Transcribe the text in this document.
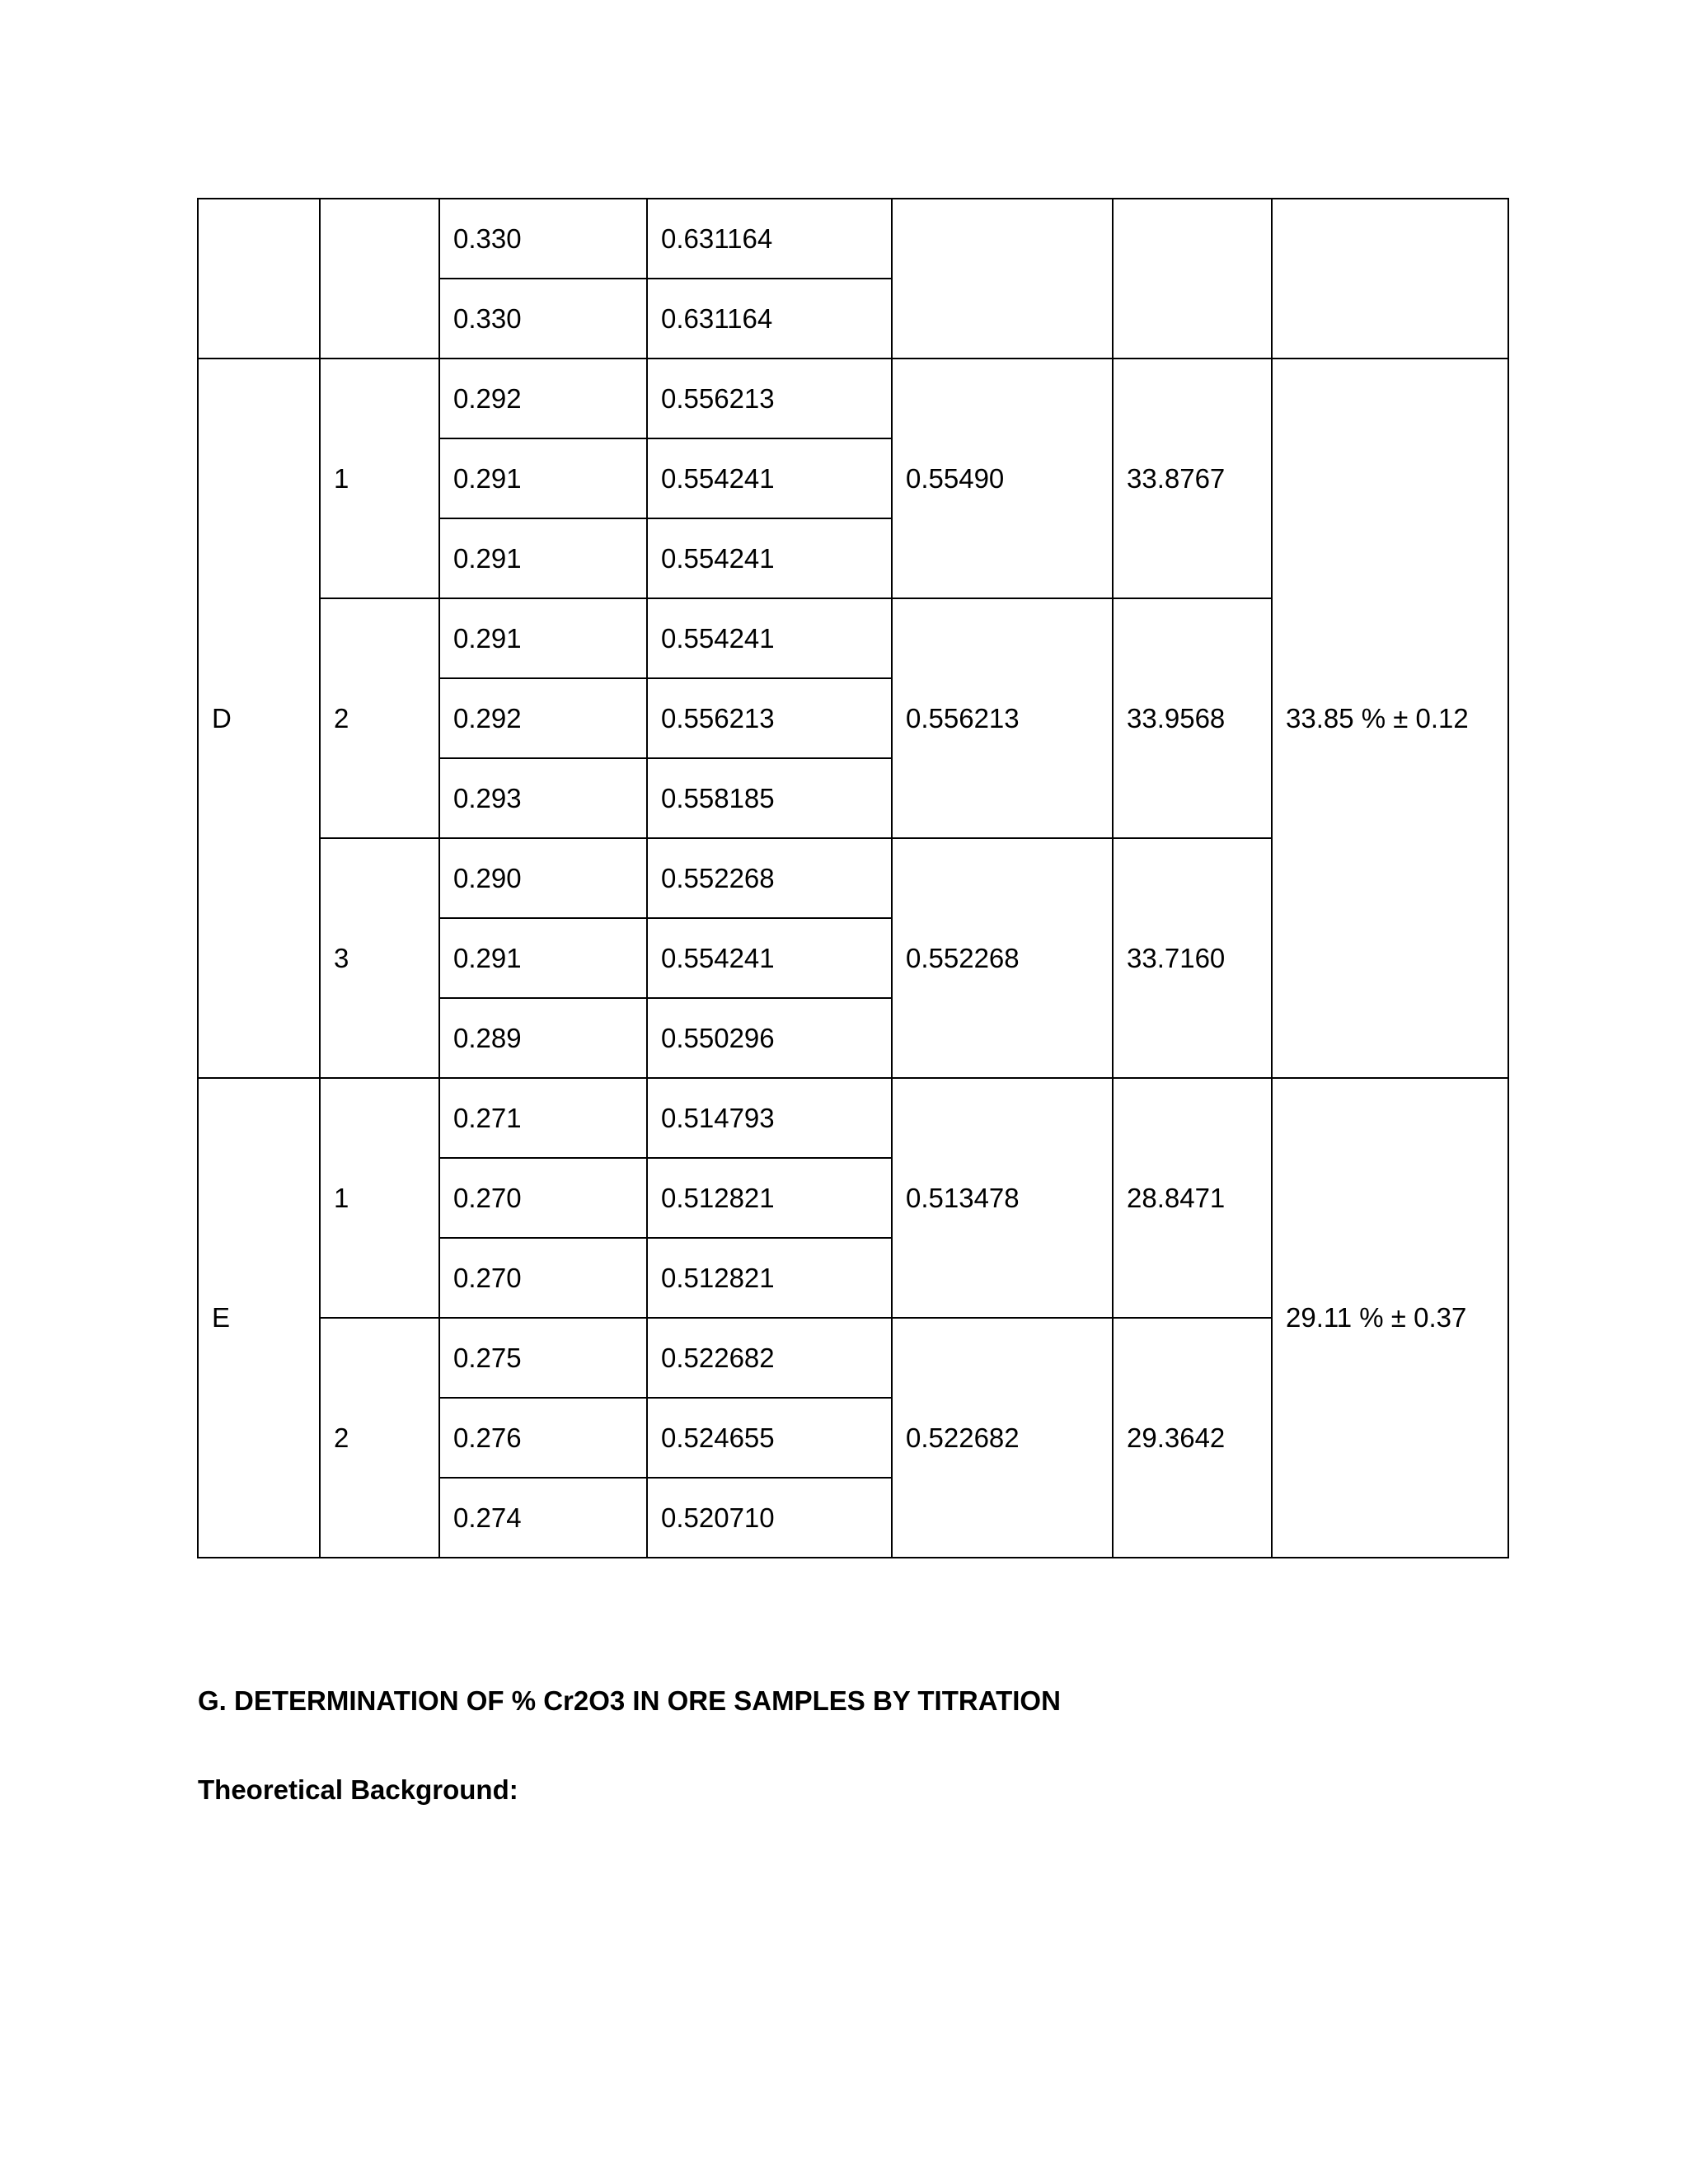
		0.330	0.631164			
		0.330	0.631164			
D	1	0.292	0.556213	0.55490	33.8767	33.85 % ± 0.12
		0.291	0.554241			
		0.291	0.554241			
	2	0.291	0.554241	0.556213	33.9568	
		0.292	0.556213			
		0.293	0.558185			
	3	0.290	0.552268	0.552268	33.7160	
		0.291	0.554241			
		0.289	0.550296			
E	1	0.271	0.514793	0.513478	28.8471	29.11 % ± 0.37
		0.270	0.512821			
		0.270	0.512821			
	2	0.275	0.522682	0.522682	29.3642	
		0.276	0.524655			
		0.274	0.520710			
G. DETERMINATION OF % Cr2O3 IN ORE SAMPLES BY TITRATION
Theoretical Background:
